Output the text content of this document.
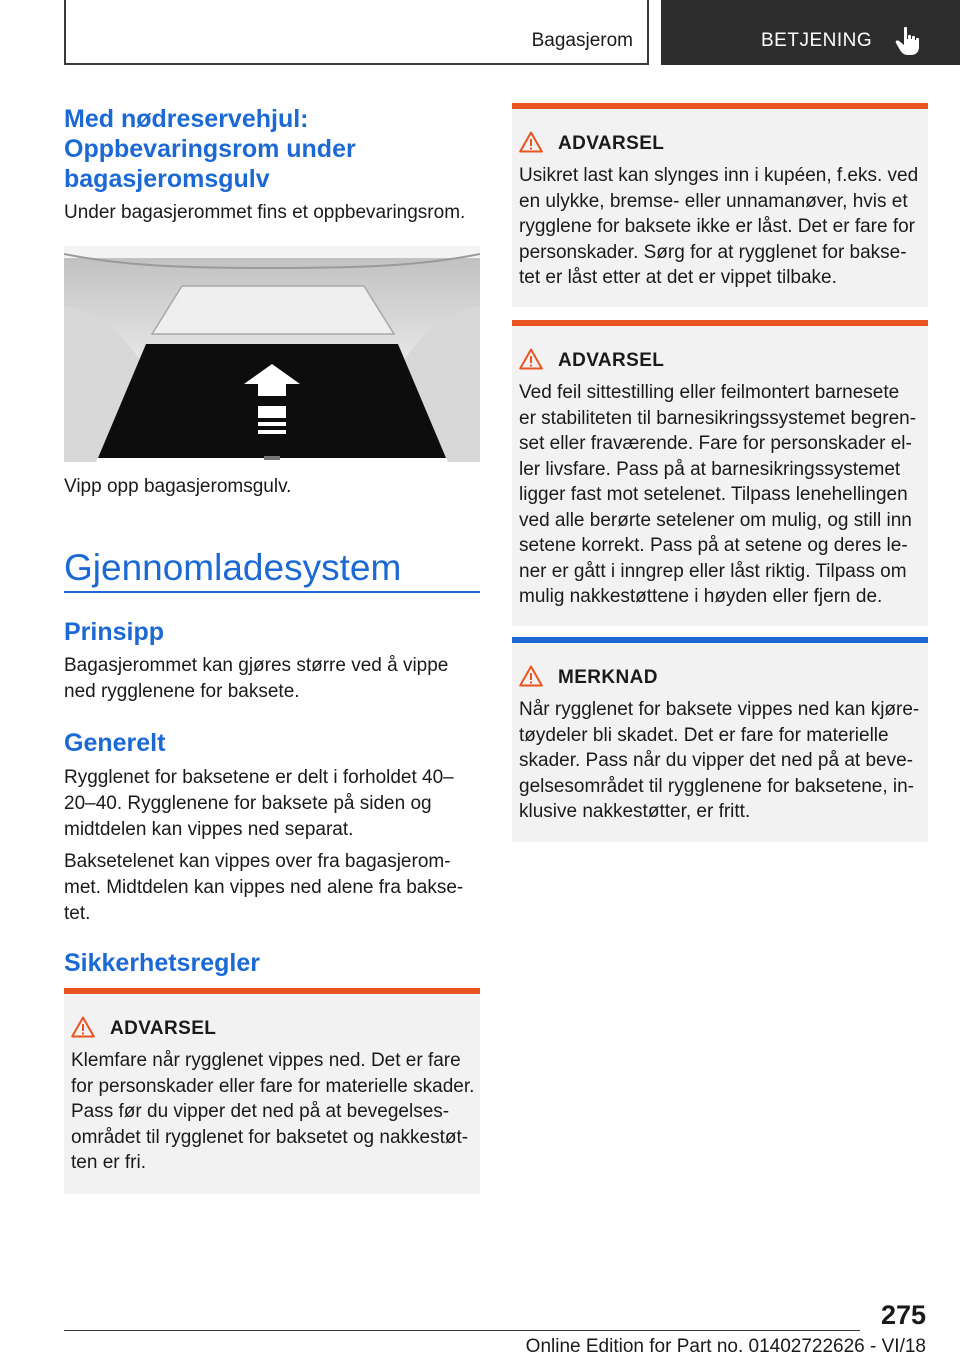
Bagasjerom	BETJENING
Med nødreservehjul:
Oppbevaringsrom under
bagasjeromsgulv
Under bagasjerommet fins et oppbevaringsrom.
Vipp opp bagasjeromsgulv.
Gjennomladesystem
Prinsipp
Bagasjerommet kan gjøres større ved å vippe
ned rygglenene for baksete.
Generelt
Rygglenet for baksetene er delt i forholdet 40–
20–40. Rygglenene for baksete på siden og
midtdelen kan vippes ned separat.
Baksetelenet kan vippes over fra bagasjerom‐
met. Midtdelen kan vippes ned alene fra bakse‐
tet.
Sikkerhetsregler
ADVARSEL
Klemfare når rygglenet vippes ned. Det er fare
for personskader eller fare for materielle skader.
Pass før du vipper det ned på at bevegelses‐
området til rygglenet for baksetet og nakkestøt‐
ten er fri.
ADVARSEL
Usikret last kan slynges inn i kupéen, f.eks. ved
en ulykke, bremse- eller unnamanøver, hvis et
rygglene for baksete ikke er låst. Det er fare for
personskader. Sørg for at rygglenet for bakse‐
tet er låst etter at det er vippet tilbake.
ADVARSEL
Ved feil sittestilling eller feilmontert barnesete
er stabiliteten til barnesikringssystemet begren‐
set eller fraværende. Fare for personskader el‐
ler livsfare. Pass på at barnesikringssystemet
ligger fast mot setelenet. Tilpass lenehellingen
ved alle berørte setelener om mulig, og still inn
setene korrekt. Pass på at setene og deres le‐
ner er gått i inngrep eller låst riktig. Tilpass om
mulig nakkestøttene i høyden eller fjern de.
MERKNAD
Når rygglenet for baksete vippes ned kan kjøre‐
tøydeler bli skadet. Det er fare for materielle
skader. Pass når du vipper det ned på at beve‐
gelsesområdet til rygglenene for baksetene, in‐
klusive nakkestøtter, er fritt.
275
Online Edition for Part no. 01402722626 - VI/18
